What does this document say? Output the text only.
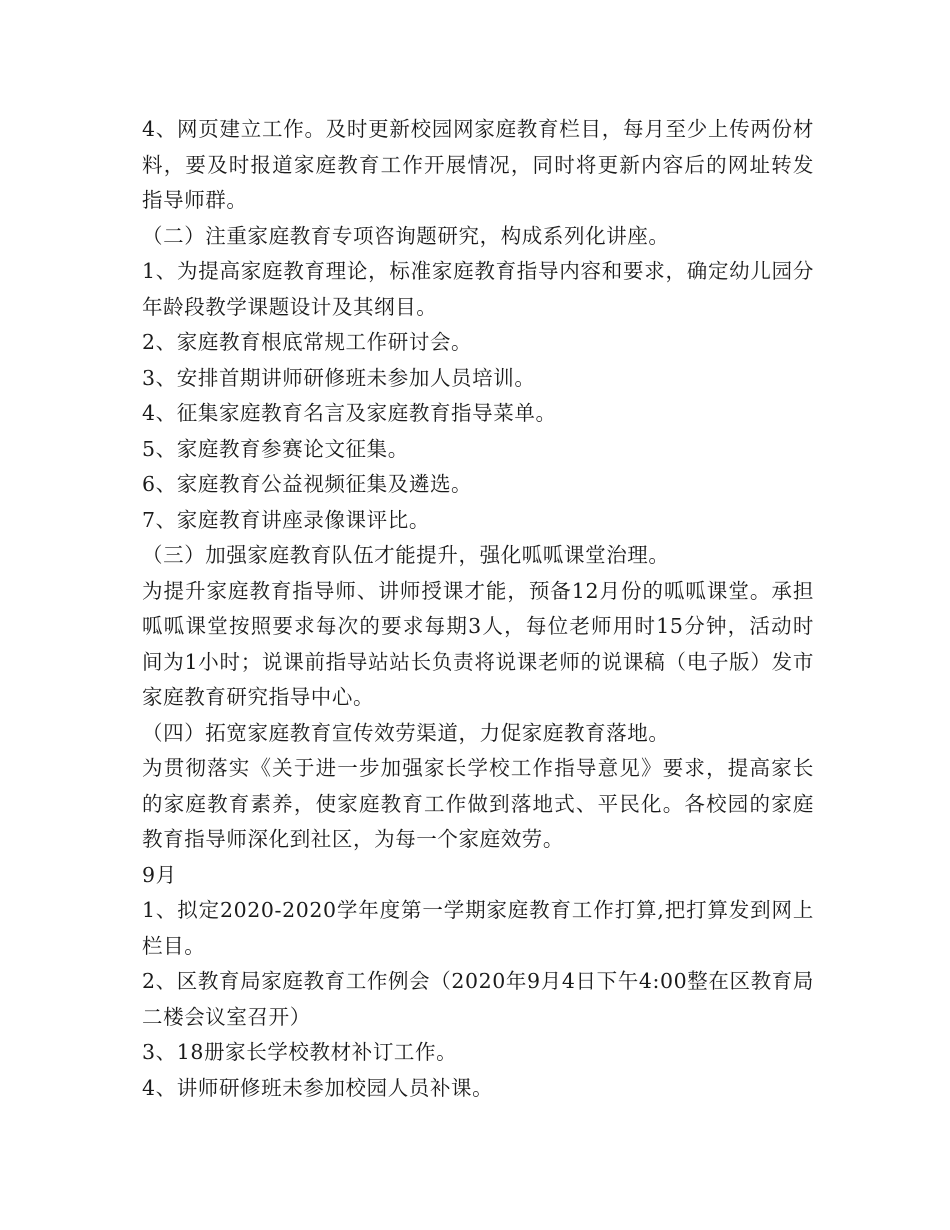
4、网页建立工作。及时更新校园网家庭教育栏目，每月至少上传两份材料，要及时报道家庭教育工作开展情况，同时将更新内容后的网址转发指导师群。

（二）注重家庭教育专项咨询题研究，构成系列化讲座。

1、为提高家庭教育理论，标准家庭教育指导内容和要求，确定幼儿园分年龄段教学课题设计及其纲目。

2、家庭教育根底常规工作研讨会。

3、安排首期讲师研修班未参加人员培训。

4、征集家庭教育名言及家庭教育指导菜单。

5、家庭教育参赛论文征集。

6、家庭教育公益视频征集及遴选。

7、家庭教育讲座录像课评比。

（三）加强家庭教育队伍才能提升，强化呱呱课堂治理。

为提升家庭教育指导师、讲师授课才能，预备12月份的呱呱课堂。承担呱呱课堂按照要求每次的要求每期3人，每位老师用时15分钟，活动时间为1小时；说课前指导站站长负责将说课老师的说课稿（电子版）发市家庭教育研究指导中心。

（四）拓宽家庭教育宣传效劳渠道，力促家庭教育落地。

为贯彻落实《关于进一步加强家长学校工作指导意见》要求，提高家长的家庭教育素养，使家庭教育工作做到落地式、平民化。各校园的家庭教育指导师深化到社区，为每一个家庭效劳。

9月

1、拟定2020-2020学年度第一学期家庭教育工作打算,把打算发到网上栏目。

2、区教育局家庭教育工作例会（2020年9月4日下午4:00整在区教育局二楼会议室召开）

3、18册家长学校教材补订工作。

4、讲师研修班未参加校园人员补课。
